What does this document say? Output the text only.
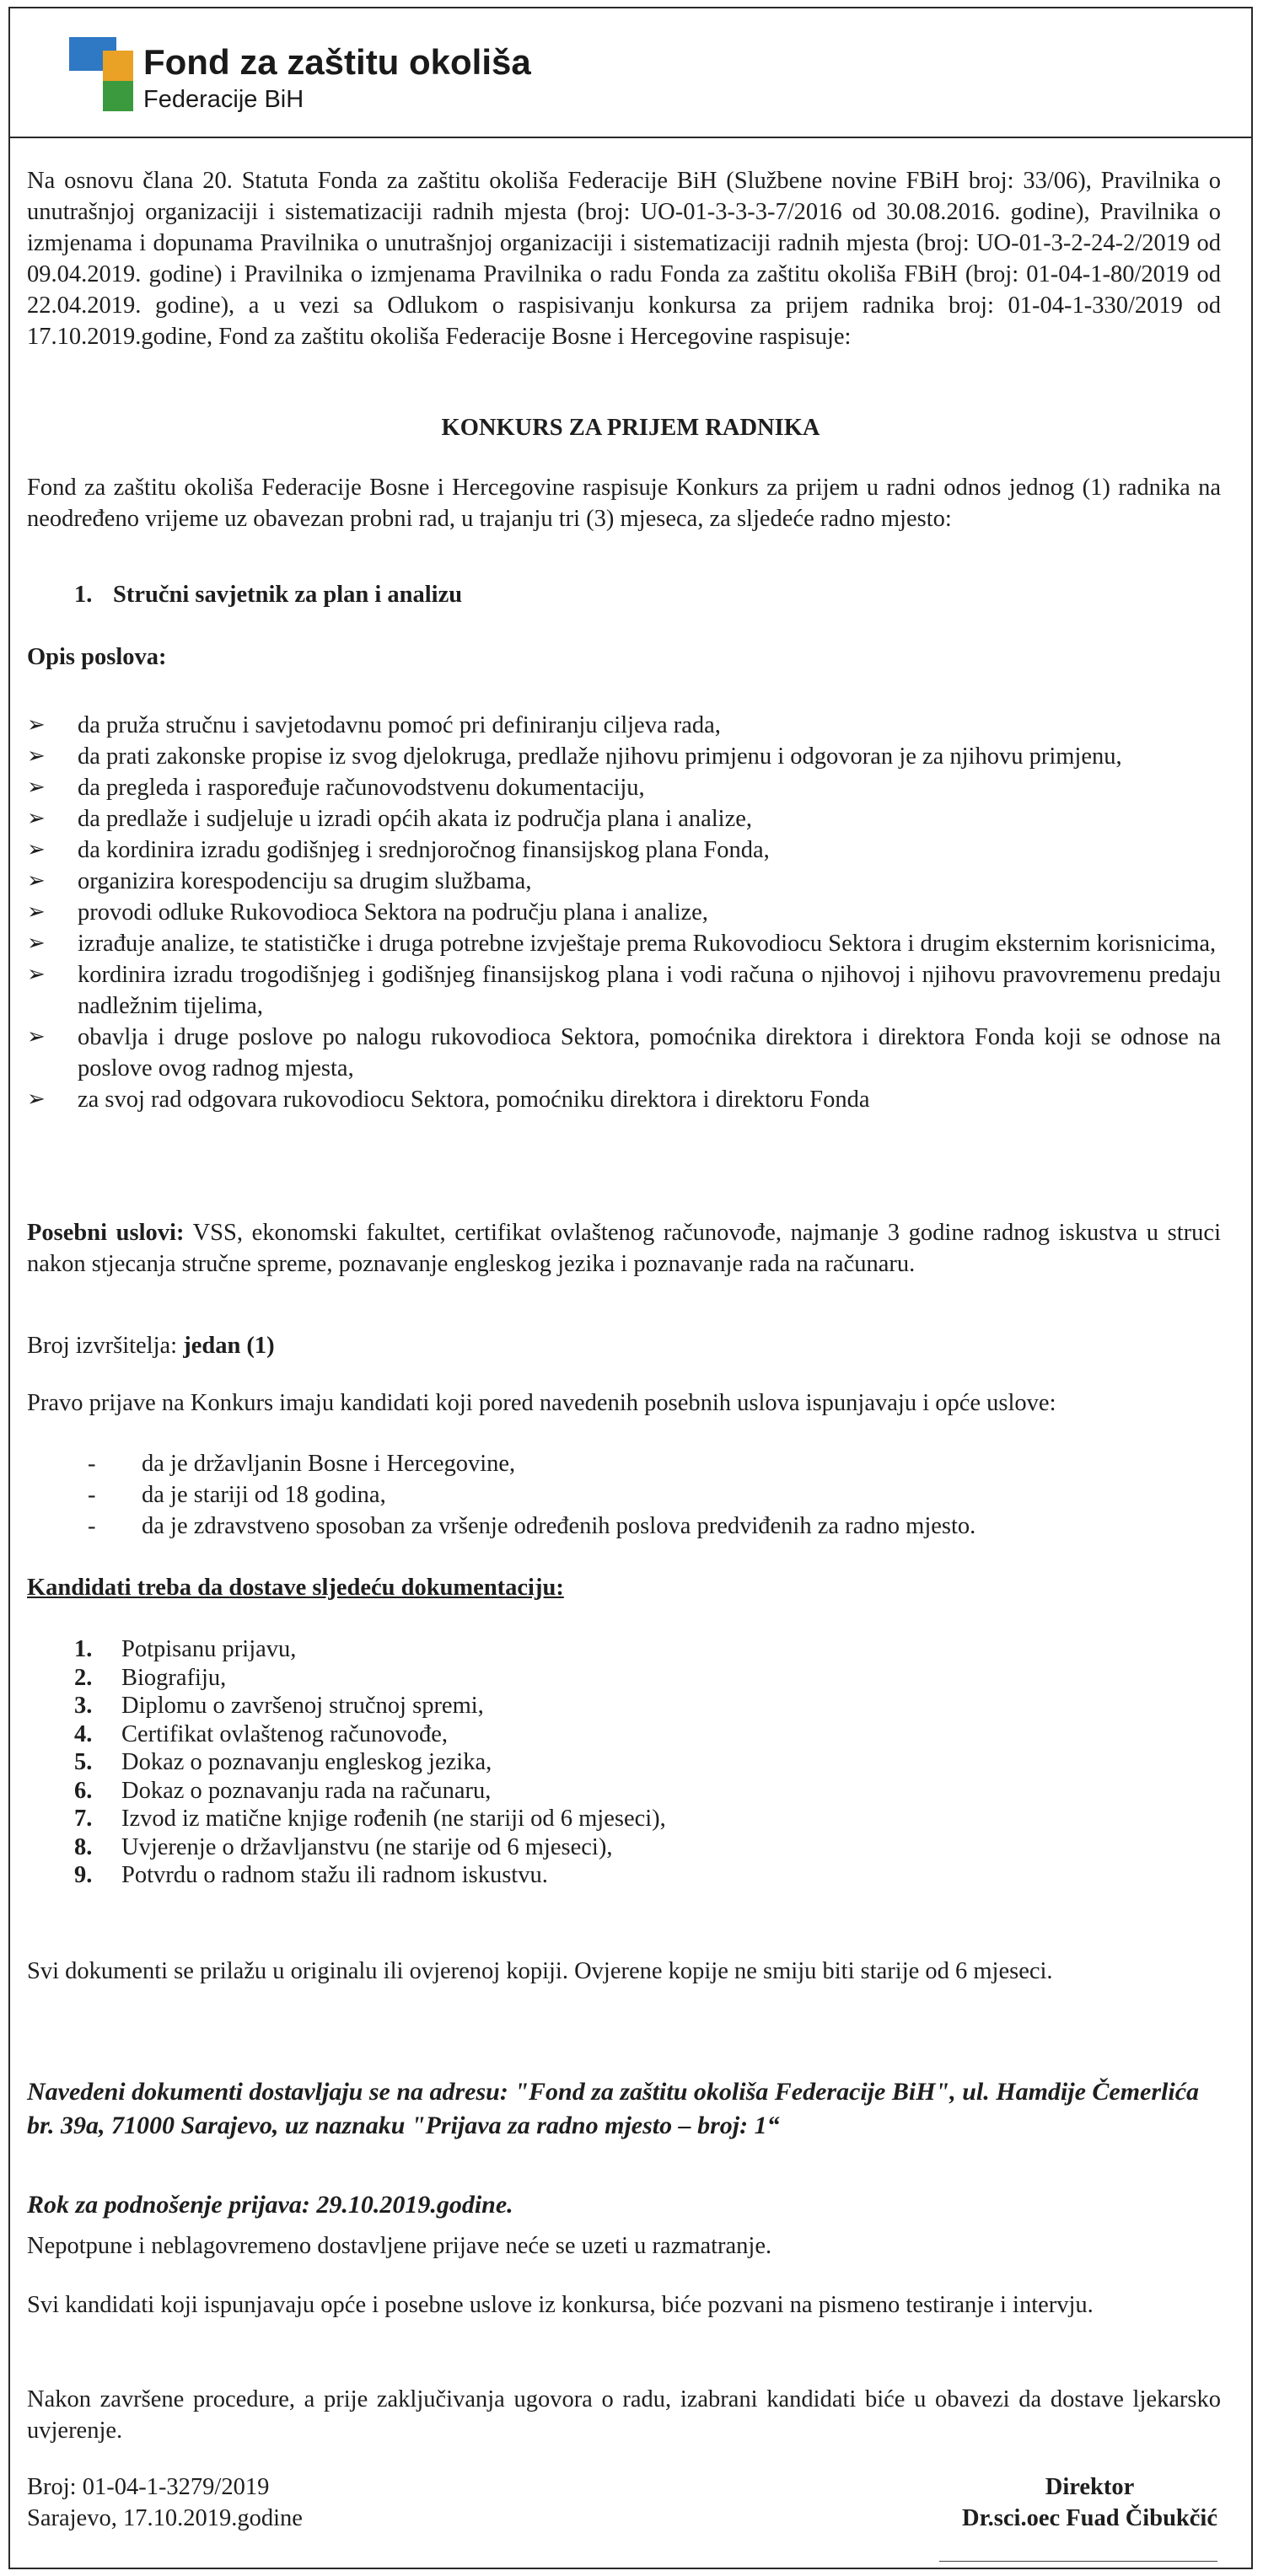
Fond za zaštitu okoliša
Federacije BiH

Na osnovu člana 20. Statuta Fonda za zaštitu okoliša Federacije BiH (Službene novine FBiH broj: 33/06), Pravilnika o unutrašnjoj organizaciji i sistematizaciji radnih mjesta (broj: UO-01-3-3-3-7/2016 od 30.08.2016. godine), Pravilnika o izmjenama i dopunama Pravilnika o unutrašnjoj organizaciji i sistematizaciji radnih mjesta (broj: UO-01-3-2-24-2/2019 od 09.04.2019. godine) i Pravilnika o izmjenama Pravilnika o radu Fonda za zaštitu okoliša FBiH (broj: 01-04-1-80/2019 od 22.04.2019. godine), a u vezi sa Odlukom o raspisivanju konkursa za prijem radnika broj: 01-04-1-330/2019 od 17.10.2019.godine, Fond za zaštitu okoliša Federacije Bosne i Hercegovine raspisuje:

KONKURS ZA PRIJEM RADNIKA

Fond za zaštitu okoliša Federacije Bosne i Hercegovine raspisuje Konkurs za prijem u radni odnos jednog (1) radnika na neodređeno vrijeme uz obavezan probni rad, u trajanju tri (3) mjeseca, za sljedeće radno mjesto:

1. Stručni savjetnik za plan i analizu
Opis poslova:
➢ da pruža stručnu i savjetodavnu pomoć pri definiranju ciljeva rada,
➢ da prati zakonske propise iz svog djelokruga, predlaže njihovu primjenu i odgovoran je za njihovu primjenu,
➢ da pregleda i raspoređuje računovodstvenu dokumentaciju,
➢ da predlaže i sudjeluje u izradi općih akata iz područja plana i analize,
➢ da kordinira izradu godišnjeg i srednjoročnog finansijskog plana Fonda,
➢ organizira korespodenciju sa drugim službama,
➢ provodi odluke Rukovodioca Sektora na području plana i analize,
➢ izrađuje analize, te statističke i druga potrebne izvještaje prema Rukovodiocu Sektora i drugim eksternim korisnicima,
➢ kordinira izradu trogodišnjeg i godišnjeg finansijskog plana i vodi računa o njihovoj i njihovu pravovremenu predaju nadležnim tijelima,
➢ obavlja i druge poslove po nalogu rukovodioca Sektora, pomoćnika direktora i direktora Fonda koji se odnose na poslove ovog radnog mjesta,
➢ za svoj rad odgovara rukovodiocu Sektora, pomoćniku direktora i direktoru Fonda

Posebni uslovi: VSS, ekonomski fakultet, certifikat ovlaštenog računovođe, najmanje 3 godine radnog iskustva u struci nakon stjecanja stručne spreme, poznavanje engleskog jezika i poznavanje rada na računaru.

Broj izvršitelja: jedan (1)

Pravo prijave na Konkurs imaju kandidati koji pored navedenih posebnih uslova ispunjavaju i opće uslove:

-	da je državljanin Bosne i Hercegovine,
-	da je stariji od 18 godina,
-	da je zdravstveno sposoban za vršenje određenih poslova predviđenih za radno mjesto.
Kandidati treba da dostave sljedeću dokumentaciju:
1. Potpisanu prijavu,
2. Biografiju,
3. Diplomu o završenoj stručnoj spremi,
4. Certifikat ovlaštenog računovođe,
5. Dokaz o poznavanju engleskog jezika,
6. Dokaz o poznavanju rada na računaru,
7. Izvod iz matične knjige rođenih (ne stariji od 6 mjeseci),
8. Uvjerenje o državljanstvu (ne starije od 6 mjeseci),
9. Potvrdu o radnom stažu ili radnom iskustvu.

Svi dokumenti se prilažu u originalu ili ovjerenoj kopiji. Ovjerene kopije ne smiju biti starije od 6 mjeseci.

Navedeni dokumenti dostavljaju se na adresu: "Fond za zaštitu okoliša Federacije BiH", ul. Hamdije Čemerlića br. 39a, 71000 Sarajevo, uz naznaku "Prijava za radno mjesto – broj: 1“

Rok za podnošenje prijava: 29.10.2019.godine.

Nepotpune i neblagovremeno dostavljene prijave neće se uzeti u razmatranje.

Svi kandidati koji ispunjavaju opće i posebne uslove iz konkursa, biće pozvani na pismeno testiranje i intervju.

Nakon završene procedure, a prije zaključivanja ugovora o radu, izabrani kandidati biće u obavezi da dostave ljekarsko uvjerenje.

Broj: 01-04-1-3279/2019
Sarajevo, 17.10.2019.godine
Direktor
Dr.sci.oec Fuad Čibukčić
